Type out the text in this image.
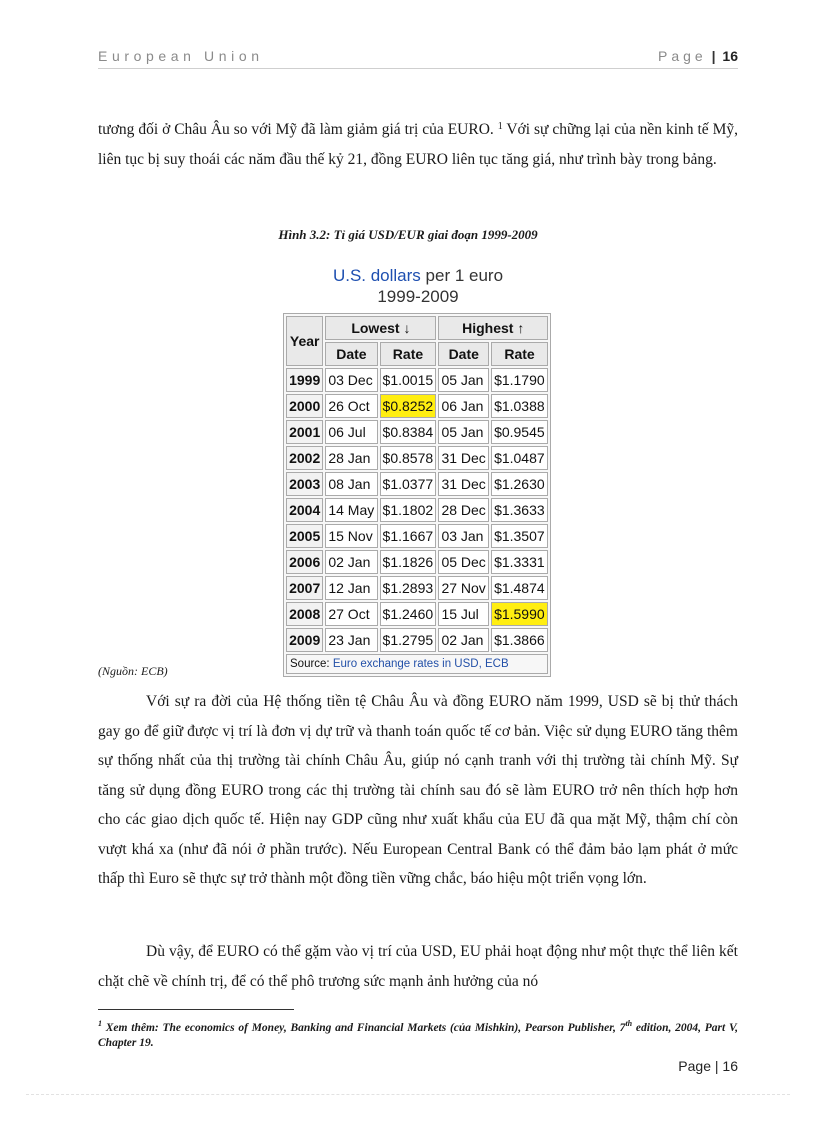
European Union	Page | 16
tương đối ở Châu Âu so với Mỹ đã làm giảm giá trị của EURO. $^1$ Với sự chững lại của nền kinh tế Mỹ, liên tục bị suy thoái các năm đầu thế kỷ 21, đồng EURO liên tục tăng giá, như trình bày trong bảng.
Hình 3.2: Tỉ giá USD/EUR giai đoạn 1999-2009
U.S. dollars per 1 euro
1999-2009
Year	Lowest ↓		Highest ↑	
	Date	Rate	Date	Rate
1999	03 Dec	$1.0015	05 Jan	$1.1790
2000	26 Oct	$0.8252	06 Jan	$1.0388
2001	06 Jul	$0.8384	05 Jan	$0.9545
2002	28 Jan	$0.8578	31 Dec	$1.0487
2003	08 Jan	$1.0377	31 Dec	$1.2630
2004	14 May	$1.1802	28 Dec	$1.3633
2005	15 Nov	$1.1667	03 Jan	$1.3507
2006	02 Jan	$1.1826	05 Dec	$1.3331
2007	12 Jan	$1.2893	27 Nov	$1.4874
2008	27 Oct	$1.2460	15 Jul	$1.5990
2009	23 Jan	$1.2795	02 Jan	$1.3866
Source: Euro exchange rates in USD, ECB				
(Nguồn: ECB)
Với sự ra đời của Hệ thống tiền tệ Châu Âu và đồng EURO năm 1999, USD sẽ bị thử thách gay go để giữ được vị trí là đơn vị dự trữ và thanh toán quốc tế cơ bản. Việc sử dụng EURO tăng thêm sự thống nhất của thị trường tài chính Châu Âu, giúp nó cạnh tranh với thị trường tài chính Mỹ. Sự tăng sử dụng đồng EURO trong các thị trường tài chính sau đó sẽ làm EURO trở nên thích hợp hơn cho các giao dịch quốc tế. Hiện nay GDP cũng như xuất khẩu của EU đã qua mặt Mỹ, thậm chí còn vượt khá xa (như đã nói ở phần trước). Nếu European Central Bank có thể đảm bảo lạm phát ở mức thấp thì Euro sẽ thực sự trở thành một đồng tiền vững chắc, báo hiệu một triển vọng lớn.
Dù vậy, để EURO có thể gặm vào vị trí của USD, EU phải hoạt động như một thực thể liên kết chặt chẽ về chính trị, để có thể phô trương sức mạnh ảnh hưởng của nó
$^1$ Xem thêm: The economics of Money, Banking and Financial Markets (của Mishkin), Pearson Publisher, 7th edition, 2004, Part V, Chapter 19.
Page | 16
